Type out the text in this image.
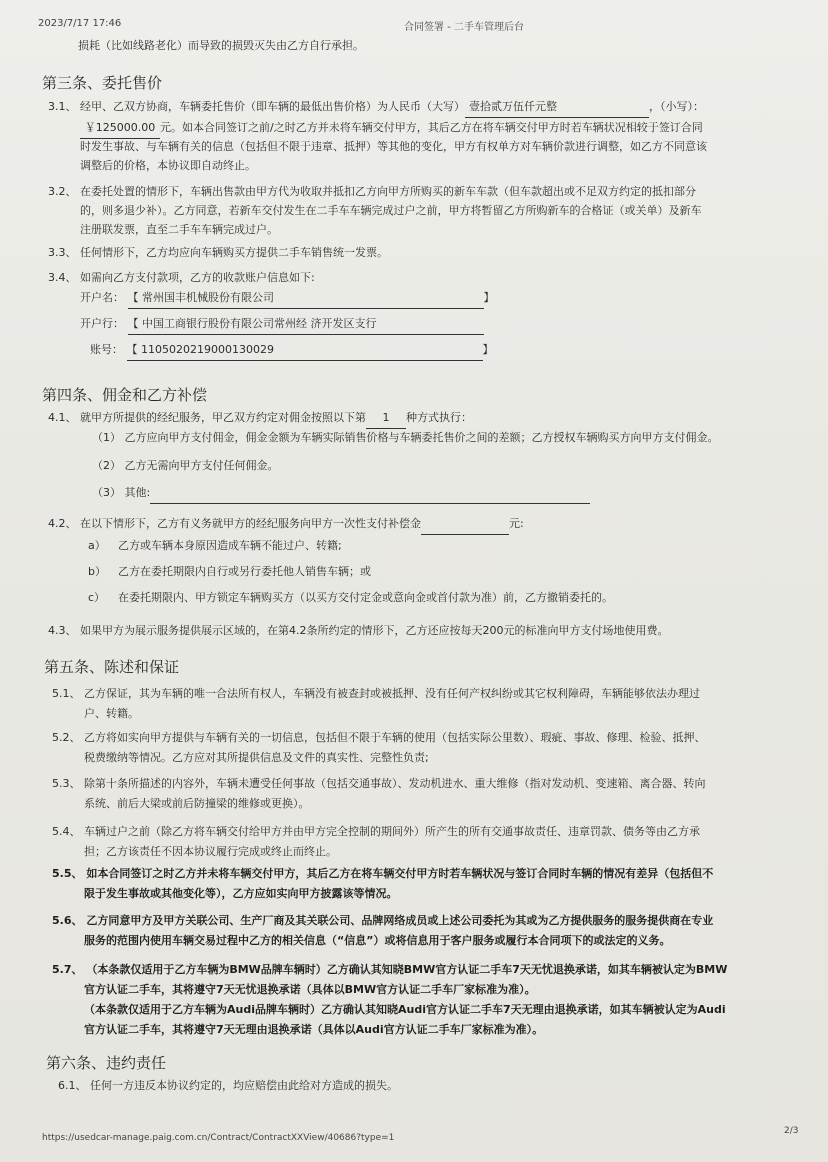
2023/7/17 17:46	合同签署 - 二手车管理后台
损耗（比如线路老化）而导致的损毁灭失由乙方自行承担。
第三条、委托售价
3.1、 经甲、乙双方协商，车辆委托售价（即车辆的最低出售价格）为人民币（大写） 壹拾贰万伍仟元整	，（小写）：
￥125000.00 元。如本合同签订之前/之时乙方并未将车辆交付甲方，其后乙方在将车辆交付甲方时若车辆状况相较于签订合同
时发生事故、与车辆有关的信息（包括但不限于违章、抵押）等其他的变化，甲方有权单方对车辆价款进行调整，如乙方不同意该
调整后的价格，本协议即自动终止。
3.2、 在委托处置的情形下，车辆出售款由甲方代为收取并抵扣乙方向甲方所购买的新车车款（但车款超出或不足双方约定的抵扣部分
的，则多退少补）。乙方同意，若新车交付发生在二手车车辆完成过户之前，甲方将暂留乙方所购新车的合格证（或关单）及新车
注册联发票，直至二手车车辆完成过户。
3.3、 任何情形下，乙方均应向车辆购买方提供二手车销售统一发票。
3.4、 如需向乙方支付款项，乙方的收款账户信息如下:
开户名： 【 常州国丰机械股份有限公司	】
开户行： 【 中国工商银行股份有限公司常州经 济开发区支行
账号： 【 1105020219000130029	】
第四条、佣金和乙方补偿
4.1、 就甲方所提供的经纪服务，甲乙双方约定对佣金按照以下第 1 种方式执行：
（1） 乙方应向甲方支付佣金，佣金金额为车辆实际销售价格与车辆委托售价之间的差额；乙方授权车辆购买方向甲方支付佣金。
（2） 乙方无需向甲方支付任何佣金。
（3） 其他:
4.2、 在以下情形下，乙方有义务就甲方的经纪服务向甲方一次性支付补偿金	元:
a） 乙方或车辆本身原因造成车辆不能过户、转籍;
b） 乙方在委托期限内自行或另行委托他人销售车辆；或
c） 在委托期限内、甲方锁定车辆购买方（以买方交付定金或意向金或首付款为准）前，乙方撤销委托的。
4.3、 如果甲方为展示服务提供展示区域的，在第4.2条所约定的情形下，乙方还应按每天200元的标准向甲方支付场地使用费。
第五条、陈述和保证
5.1、 乙方保证，其为车辆的唯一合法所有权人，车辆没有被查封或被抵押、没有任何产权纠纷或其它权利障碍，车辆能够依法办理过
户、转籍。
5.2、 乙方将如实向甲方提供与车辆有关的一切信息，包括但不限于车辆的使用（包括实际公里数）、瑕疵、事故、修理、检验、抵押、
税费缴纳等情况。乙方应对其所提供信息及文件的真实性、完整性负责;
5.3、 除第十条所描述的内容外，车辆未遭受任何事故（包括交通事故）、发动机进水、重大维修（指对发动机、变速箱、离合器、转向
系统、前后大梁或前后防撞梁的维修或更换）。
5.4、 车辆过户之前（除乙方将车辆交付给甲方并由甲方完全控制的期间外）所产生的所有交通事故责任、违章罚款、债务等由乙方承
担；乙方该责任不因本协议履行完成或终止而终止。
5.5、 如本合同签订之时乙方并未将车辆交付甲方，其后乙方在将车辆交付甲方时若车辆状况与签订合同时车辆的情况有差异（包括但不
限于发生事故或其他变化等），乙方应如实向甲方披露该等情况。
5.6、 乙方同意甲方及甲方关联公司、生产厂商及其关联公司、品牌网络成员或上述公司委托为其或为乙方提供服务的服务提供商在专业
服务的范围内使用车辆交易过程中乙方的相关信息（“信息”）或将信息用于客户服务或履行本合同项下的或法定的义务。
5.7、 （本条款仅适用于乙方车辆为BMW品牌车辆时）乙方确认其知晓BMW官方认证二手车7天无忧退换承诺，如其车辆被认定为BMW
官方认证二手车，其将遵守7天无忧退换承诺（具体以BMW官方认证二手车厂家标准为准）。
（本条款仅适用于乙方车辆为Audi品牌车辆时）乙方确认其知晓Audi官方认证二手车7天无理由退换承诺，如其车辆被认定为Audi
官方认证二手车，其将遵守7天无理由退换承诺（具体以Audi官方认证二手车厂家标准为准）。
第六条、违约责任
6.1、 任何一方违反本协议约定的，均应赔偿由此给对方造成的损失。
https://usedcar-manage.paig.com.cn/Contract/ContractXXView/40686?type=1
2/3
